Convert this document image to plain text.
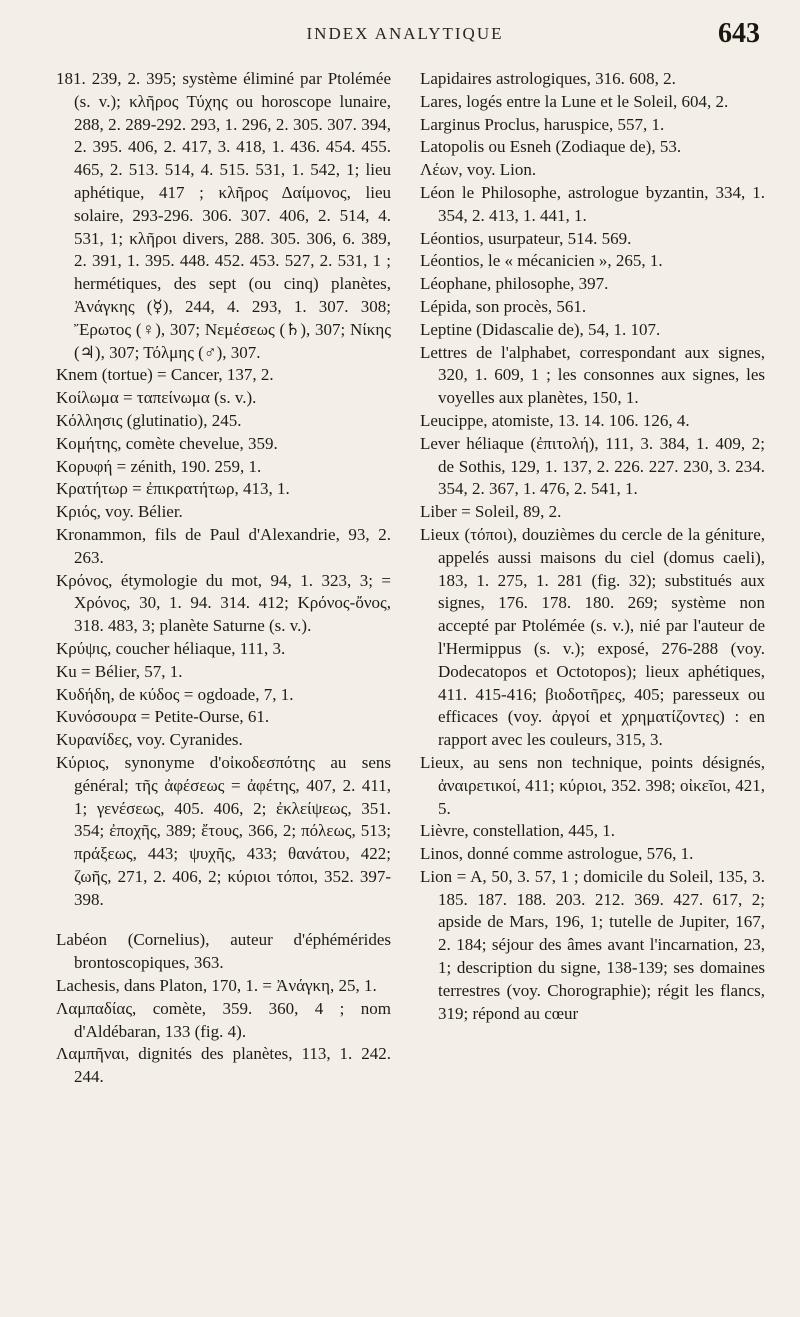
INDEX ANALYTIQUE	643

181. 239, 2. 395; système éliminé par Ptolémée (s. v.); κλῆρος Τύχης ou horoscope lunaire, 288, 2. 289-292. 293, 1. 296, 2. 305. 307. 394, 2. 395. 406, 2. 417, 3. 418, 1. 436. 454. 455. 465, 2. 513. 514, 4. 515. 531, 1. 542, 1; lieu aphétique, 417 ; κλῆρος Δαίμονος, lieu solaire, 293-296. 306. 307. 406, 2. 514, 4. 531, 1; κλῆροι divers, 288. 305. 306, 6. 389, 2. 391, 1. 395. 448. 452. 453. 527, 2. 531, 1 ; hermétiques, des sept (ou cinq) planètes, Ἀνάγκης (☿), 244, 4. 293, 1. 307. 308; Ἔρωτος (♀), 307; Νεμέσεως (♄), 307; Νίκης (♃), 307; Τόλμης (♂), 307.

Knem (tortue) = Cancer, 137, 2.

Κοίλωμα = ταπείνωμα (s. v.).

Κόλλησις (glutinatio), 245.

Κομήτης, comète chevelue, 359.

Κορυφή = zénith, 190. 259, 1.

Κρατήτωρ = ἐπικρατήτωρ, 413, 1.

Κριός, voy. Bélier.

Kronammon, fils de Paul d'Alexandrie, 93, 2. 263.

Κρόνος, étymologie du mot, 94, 1. 323, 3; = Χρόνος, 30, 1. 94. 314. 412; Κρόνος-ὄνος, 318. 483, 3; planète Saturne (s. v.).

Κρύψις, coucher héliaque, 111, 3.

Ku = Bélier, 57, 1.

Κυδήδη, de κύδος = ogdoade, 7, 1.

Κυνόσουρα = Petite-Ourse, 61.

Κυρανίδες, voy. Cyranides.

Κύριος, synonyme d'οἰκοδεσπότης au sens général; τῆς ἀφέσεως = ἀφέτης, 407, 2. 411, 1; γενέσεως, 405. 406, 2; ἐκλείψεως, 351. 354; ἐποχῆς, 389; ἔτους, 366, 2; πόλεως, 513; πράξεως, 443; ψυχῆς, 433; θανάτου, 422; ζωῆς, 271, 2. 406, 2; κύριοι τόποι, 352. 397-398.

Labéon (Cornelius), auteur d'éphémérides brontoscopiques, 363.

Lachesis, dans Platon, 170, 1. = Ἀνάγκη, 25, 1.

Λαμπαδίας, comète, 359. 360, 4 ; nom d'Aldébaran, 133 (fig. 4).

Λαμπῆναι, dignités des planètes, 113, 1. 242. 244.

Lapidaires astrologiques, 316. 608, 2.

Lares, logés entre la Lune et le Soleil, 604, 2.

Larginus Proclus, haruspice, 557, 1.

Latopolis ou Esneh (Zodiaque de), 53.

Λέων, voy. Lion.

Léon le Philosophe, astrologue byzantin, 334, 1. 354, 2. 413, 1. 441, 1.

Léontios, usurpateur, 514. 569.

Léontios, le « mécanicien », 265, 1.

Léophane, philosophe, 397.

Lépida, son procès, 561.

Leptine (Didascalie de), 54, 1. 107.

Lettres de l'alphabet, correspondant aux signes, 320, 1. 609, 1 ; les consonnes aux signes, les voyelles aux planètes, 150, 1.

Leucippe, atomiste, 13. 14. 106. 126, 4.

Lever héliaque (ἐπιτολή), 111, 3. 384, 1. 409, 2; de Sothis, 129, 1. 137, 2. 226. 227. 230, 3. 234. 354, 2. 367, 1. 476, 2. 541, 1.

Liber = Soleil, 89, 2.

Lieux (τόποι), douzièmes du cercle de la géniture, appelés aussi maisons du ciel (domus caeli), 183, 1. 275, 1. 281 (fig. 32); substitués aux signes, 176. 178. 180. 269; système non accepté par Ptolémée (s. v.), nié par l'auteur de l'Hermippus (s. v.); exposé, 276-288 (voy. Dodecatopos et Octotopos); lieux aphétiques, 411. 415-416; βιοδοτῆρες, 405; paresseux ou efficaces (voy. ἀργοί et χρηματίζοντες) : en rapport avec les couleurs, 315, 3.

Lieux, au sens non technique, points désignés, ἀναιρετικοί, 411; κύριοι, 352. 398; οἰκεῖοι, 421, 5.

Lièvre, constellation, 445, 1.

Linos, donné comme astrologue, 576, 1.

Lion = A, 50, 3. 57, 1 ; domicile du Soleil, 135, 3. 185. 187. 188. 203. 212. 369. 427. 617, 2; apside de Mars, 196, 1; tutelle de Jupiter, 167, 2. 184; séjour des âmes avant l'incarnation, 23, 1; description du signe, 138-139; ses domaines terrestres (voy. Chorographie); régit les flancs, 319; répond au cœur
